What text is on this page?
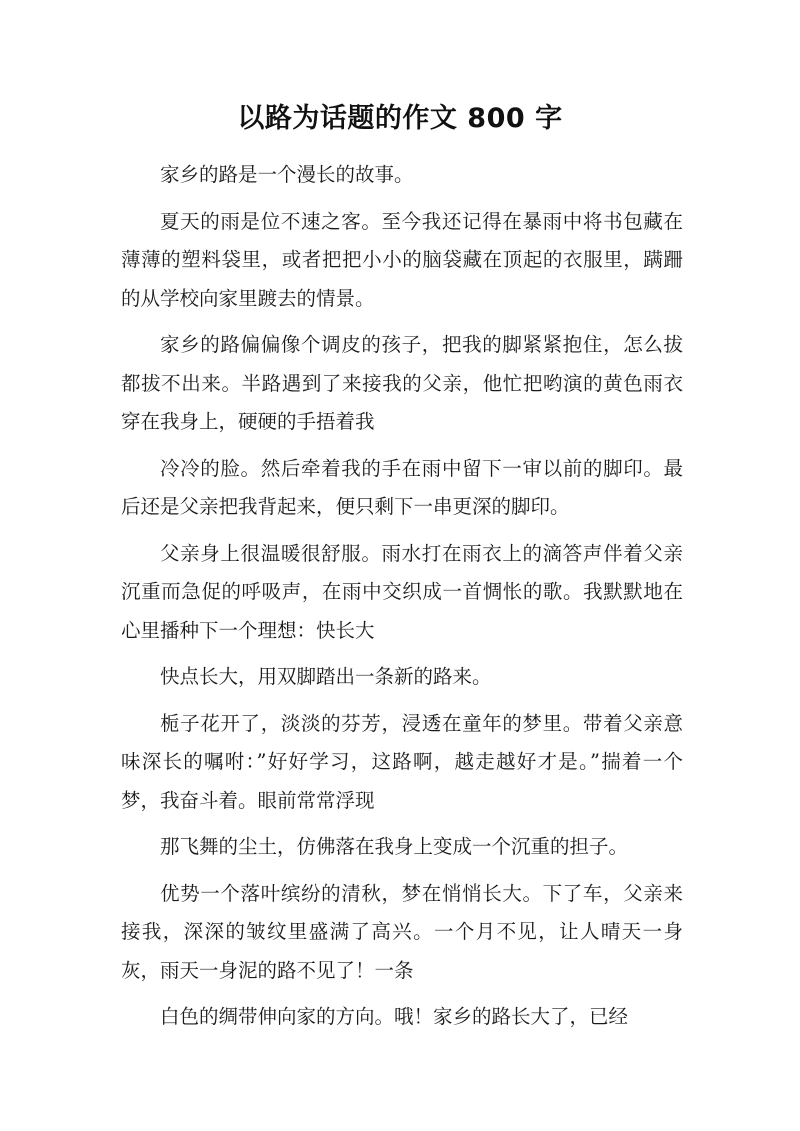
以路为话题的作文 800 字

家乡的路是一个漫长的故事。

夏天的雨是位不速之客。至今我还记得在暴雨中将书包藏在薄薄的塑料袋里，或者把把小小的脑袋藏在顶起的衣服里，蹒跚的从学校向家里踱去的情景。

家乡的路偏偏像个调皮的孩子，把我的脚紧紧抱住，怎么拔都拔不出来。半路遇到了来接我的父亲，他忙把哟演的黄色雨衣穿在我身上，硬硬的手捂着我

冷冷的脸。然后牵着我的手在雨中留下一审以前的脚印。最后还是父亲把我背起来，便只剩下一串更深的脚印。

父亲身上很温暖很舒服。雨水打在雨衣上的滴答声伴着父亲沉重而急促的呼吸声，在雨中交织成一首惆怅的歌。我默默地在心里播种下一个理想：快长大

快点长大，用双脚踏出一条新的路来。

栀子花开了，淡淡的芬芳，浸透在童年的梦里。带着父亲意味深长的嘱咐：”好好学习，这路啊，越走越好才是。”揣着一个梦，我奋斗着。眼前常常浮现

那飞舞的尘土，仿佛落在我身上变成一个沉重的担子。

优势一个落叶缤纷的清秋，梦在悄悄长大。下了车，父亲来接我，深深的皱纹里盛满了高兴。一个月不见，让人晴天一身灰，雨天一身泥的路不见了！一条

白色的绸带伸向家的方向。哦！家乡的路长大了，已经
